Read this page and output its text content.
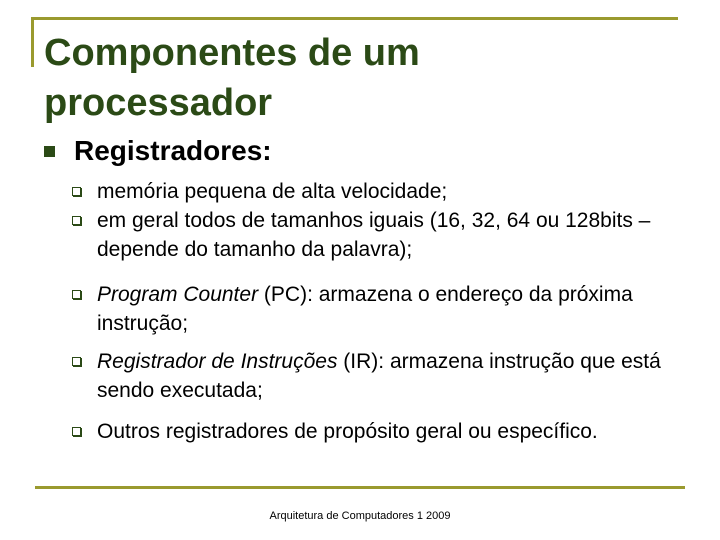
Componentes de um
processador
Registradores:
memória pequena de alta velocidade;
em geral todos de tamanhos iguais (16, 32, 64 ou 128bits – depende do tamanho da palavra);
Program Counter (PC): armazena o endereço da próxima instrução;
Registrador de Instruções (IR): armazena instrução que está sendo executada;
Outros registradores de propósito geral ou específico.
Arquitetura de Computadores 1 2009
